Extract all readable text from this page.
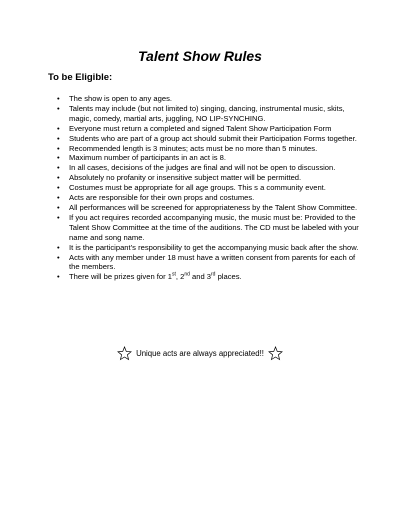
Talent Show Rules
To be Eligible:
• The show is open to any ages.
• Talents may include (but not limited to) singing, dancing, instrumental music, skits, magic, comedy, martial arts, juggling, NO LIP-SYNCHING.
• Everyone must return a completed and signed Talent Show Participation Form
• Students who are part of a group act should submit their Participation Forms together.
• Recommended length is 3 minutes; acts must be no more than 5 minutes.
• Maximum number of participants in an act is 8.
• In all cases, decisions of the judges are final and will not be open to discussion.
• Absolutely no profanity or insensitive subject matter will be permitted.
• Costumes must be appropriate for all age groups. This s a community event.
• Acts are responsible for their own props and costumes.
• All performances will be screened for appropriateness by the Talent Show Committee.
• If you act requires recorded accompanying music, the music must be: Provided to the Talent Show Committee at the time of the auditions. The CD must be labeled with your name and song name.
• It is the participant’s responsibility to get the accompanying music back after the show.
• Acts with any member under 18 must have a written consent from parents for each of the members.
• There will be prizes given for 1st, 2nd and 3rd places.
Unique acts are always appreciated!!
